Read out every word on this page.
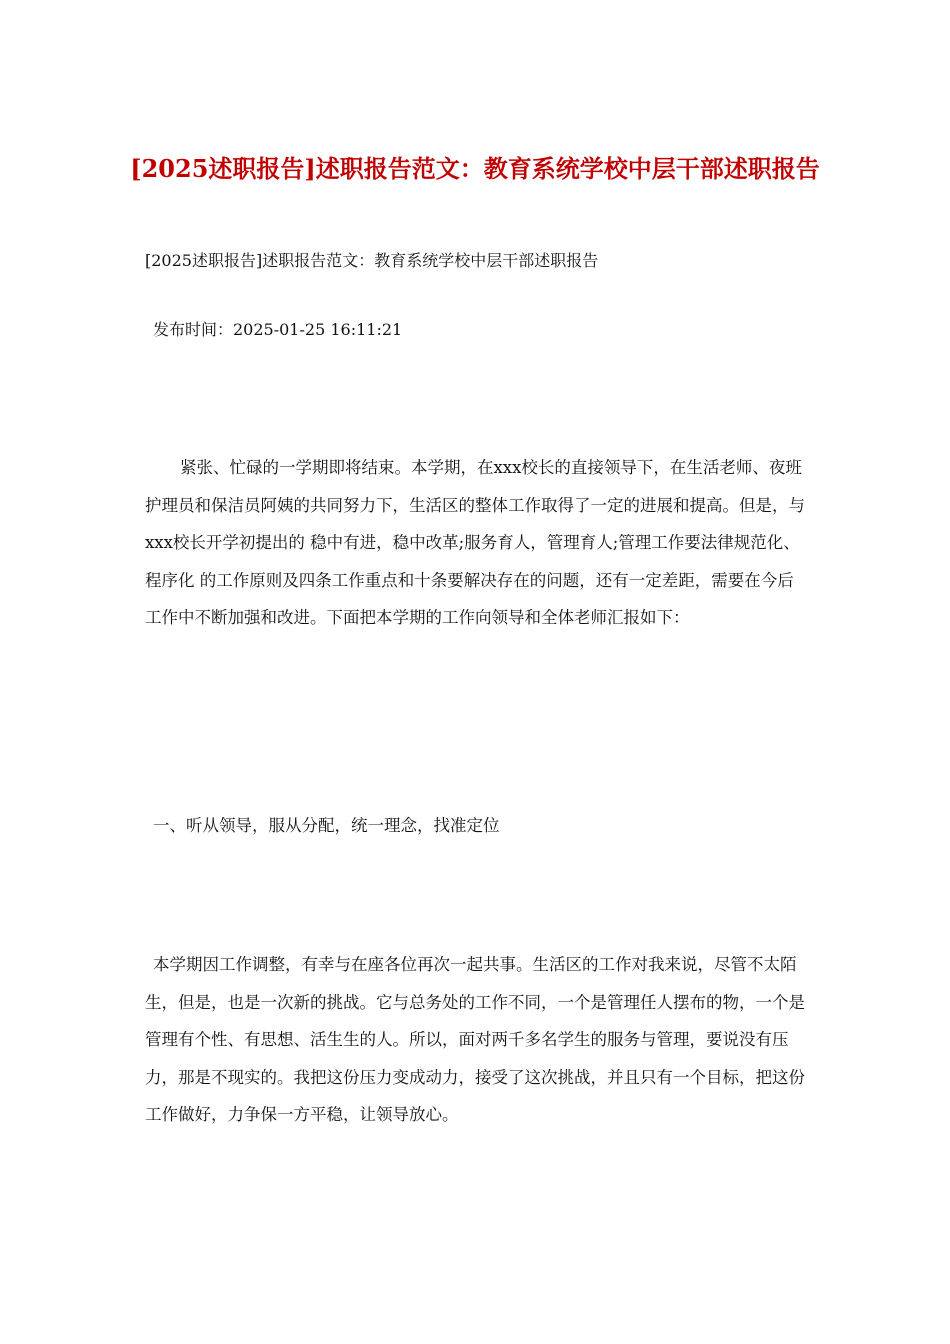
[2025述职报告]述职报告范文：教育系统学校中层干部述职报告
[2025述职报告]述职报告范文：教育系统学校中层干部述职报告
发布时间：2025-01-25 16:11:21
紧张、忙碌的一学期即将结束。本学期，在xxx校长的直接领导下，在生活老师、夜班护理员和保洁员阿姨的共同努力下，生活区的整体工作取得了一定的进展和提高。但是，与xxx校长开学初提出的 稳中有进，稳中改革;服务育人，管理育人;管理工作要法律规范化、程序化 的工作原则及四条工作重点和十条要解决存在的问题，还有一定差距，需要在今后工作中不断加强和改进。下面把本学期的工作向领导和全体老师汇报如下：
一、听从领导，服从分配，统一理念，找准定位
本学期因工作调整，有幸与在座各位再次一起共事。生活区的工作对我来说，尽管不太陌生，但是，也是一次新的挑战。它与总务处的工作不同，一个是管理任人摆布的物，一个是管理有个性、有思想、活生生的人。所以，面对两千多名学生的服务与管理，要说没有压力，那是不现实的。我把这份压力变成动力，接受了这次挑战，并且只有一个目标，把这份工作做好，力争保一方平稳，让领导放心。
